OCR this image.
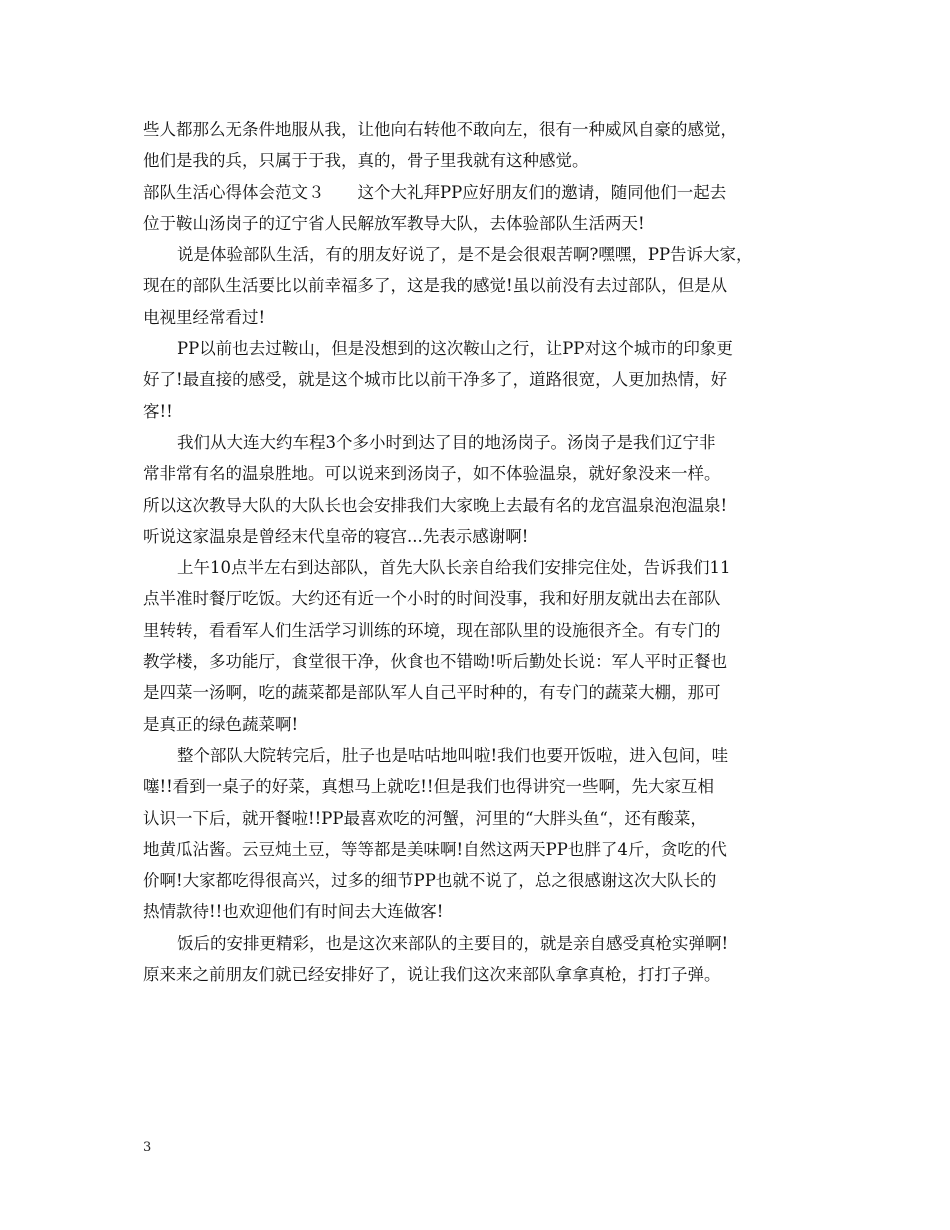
些人都那么无条件地服从我，让他向右转他不敢向左，很有一种威风自豪的感觉，
他们是我的兵，只属于于我，真的，骨子里我就有这种感觉。
部队生活心得体会范文３　　这个大礼拜PP应好朋友们的邀请，随同他们一起去
位于鞍山汤岗子的辽宁省人民解放军教导大队，去体验部队生活两天!
说是体验部队生活，有的朋友好说了，是不是会很艰苦啊?嘿嘿，PP告诉大家，
现在的部队生活要比以前幸福多了，这是我的感觉!虽以前没有去过部队，但是从
电视里经常看过!
PP以前也去过鞍山，但是没想到的这次鞍山之行，让PP对这个城市的印象更
好了!最直接的感受，就是这个城市比以前干净多了，道路很宽，人更加热情，好
客!!
我们从大连大约车程3个多小时到达了目的地汤岗子。汤岗子是我们辽宁非
常非常有名的温泉胜地。可以说来到汤岗子，如不体验温泉，就好象没来一样。
所以这次教导大队的大队长也会安排我们大家晚上去最有名的龙宫温泉泡泡温泉!
听说这家温泉是曾经末代皇帝的寝宫...先表示感谢啊!
上午10点半左右到达部队，首先大队长亲自给我们安排完住处，告诉我们11
点半准时餐厅吃饭。大约还有近一个小时的时间没事，我和好朋友就出去在部队
里转转，看看军人们生活学习训练的环境，现在部队里的设施很齐全。有专门的
教学楼，多功能厅，食堂很干净，伙食也不错呦!听后勤处长说：军人平时正餐也
是四菜一汤啊，吃的蔬菜都是部队军人自己平时种的，有专门的蔬菜大棚，那可
是真正的绿色蔬菜啊!
整个部队大院转完后，肚子也是咕咕地叫啦!我们也要开饭啦，进入包间，哇
噻!!看到一桌子的好菜，真想马上就吃!!但是我们也得讲究一些啊，先大家互相
认识一下后，就开餐啦!!PP最喜欢吃的河蟹，河里的“大胖头鱼“，还有酸菜，
地黄瓜沾酱。云豆炖土豆，等等都是美味啊!自然这两天PP也胖了4斤，贪吃的代
价啊!大家都吃得很高兴，过多的细节PP也就不说了，总之很感谢这次大队长的
热情款待!!也欢迎他们有时间去大连做客!
饭后的安排更精彩，也是这次来部队的主要目的，就是亲自感受真枪实弹啊!
原来来之前朋友们就已经安排好了，说让我们这次来部队拿拿真枪，打打子弹。
3
